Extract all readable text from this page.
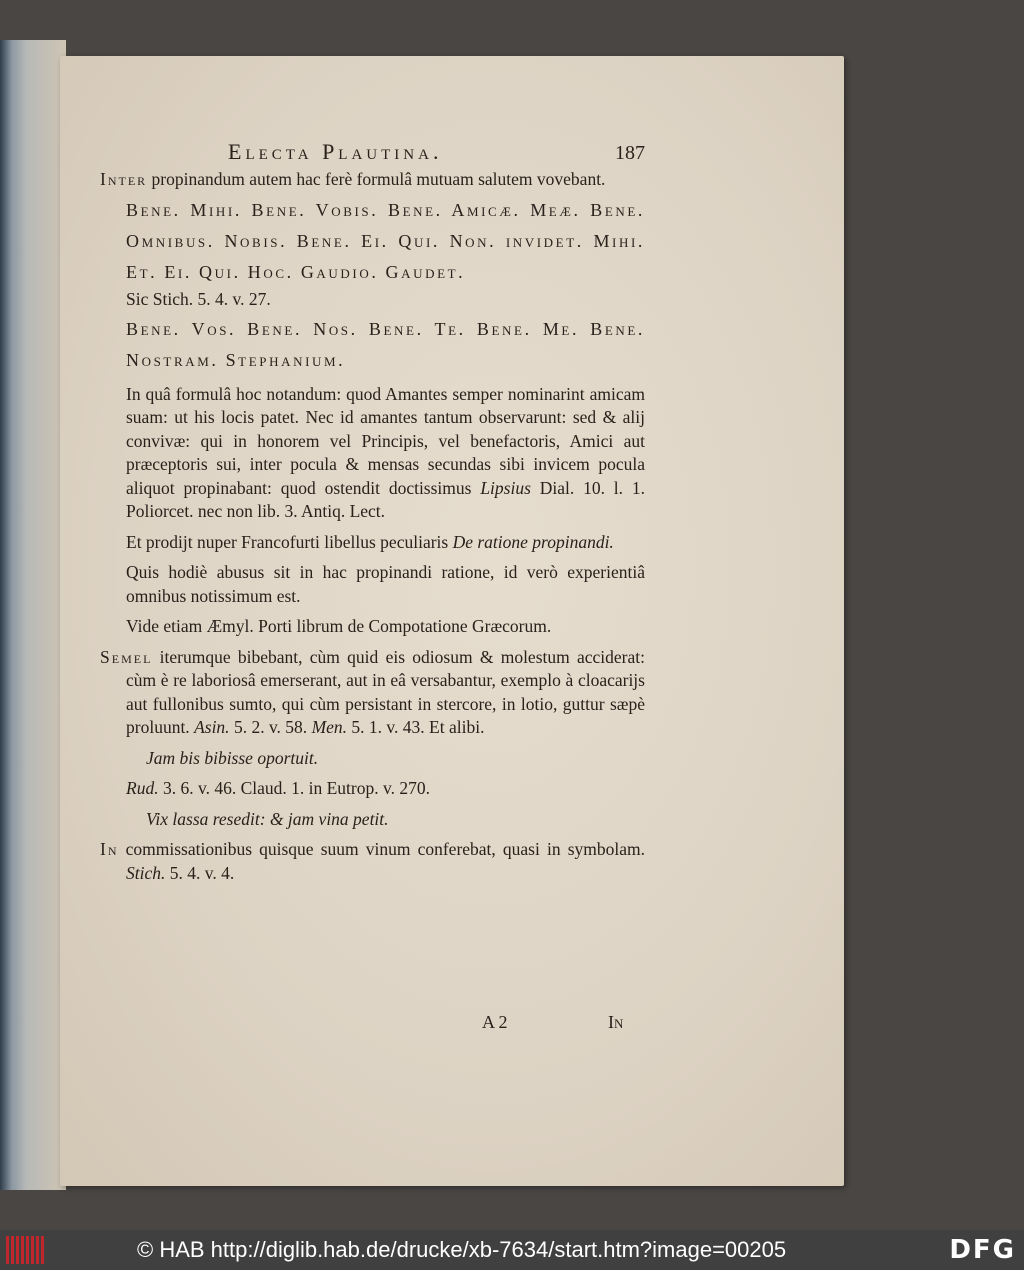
Electa Plautina.	187

Inter propinandum autem hac ferè formulâ mutuam salutem vovebant.

Bene. Mihi. Bene. Vobis. Bene. Amicæ. Meæ. Bene. Omnibus. Nobis. Bene. Ei. Qui. Non. invidet. Mihi. Et. Ei. Qui. Hoc. Gaudio. Gaudet.

Sic Stich. 5. 4. v. 27.

Bene. Vos. Bene. Nos. Bene. Te. Bene. Me. Bene. Nostram. Stephanium.

In quâ formulâ hoc notandum: quod Amantes semper nominarint amicam suam: ut his locis patet. Nec id amantes tantum observarunt: sed & alij convivæ: qui in honorem vel Principis, vel benefactoris, Amici aut præceptoris sui, inter pocula & mensas secundas sibi invicem pocula aliquot propinabant: quod ostendit doctissimus Lipsius Dial. 10. l. 1. Poliorcet. nec non lib. 3. Antiq. Lect.

Et prodijt nuper Francofurti libellus peculiaris De ratione propinandi.

Quis hodiè abusus sit in hac propinandi ratione, id verò experientiâ omnibus notissimum est.

Vide etiam Æmyl. Porti librum de Compotatione Græcorum.

Semel iterumque bibebant, cùm quid eis odiosum & molestum acciderat: cùm è re laboriosâ emerserant, aut in eâ versabantur, exemplo à cloacarijs aut fullonibus sumto, qui cùm persistant in stercore, in lotio, guttur sæpè proluunt. Asin. 5. 2. v. 58. Men. 5. 1. v. 43. Et alibi.

Jam bis bibisse oportuit.

Rud. 3. 6. v. 46. Claud. 1. in Eutrop. v. 270.

Vix lassa resedit: & jam vina petit.

In commissationibus quisque suum vinum conferebat, quasi in symbolam. Stich. 5. 4. v. 4.

A 2	In
© HAB http://diglib.hab.de/drucke/xb-7634/start.htm?image=00205	DFG
